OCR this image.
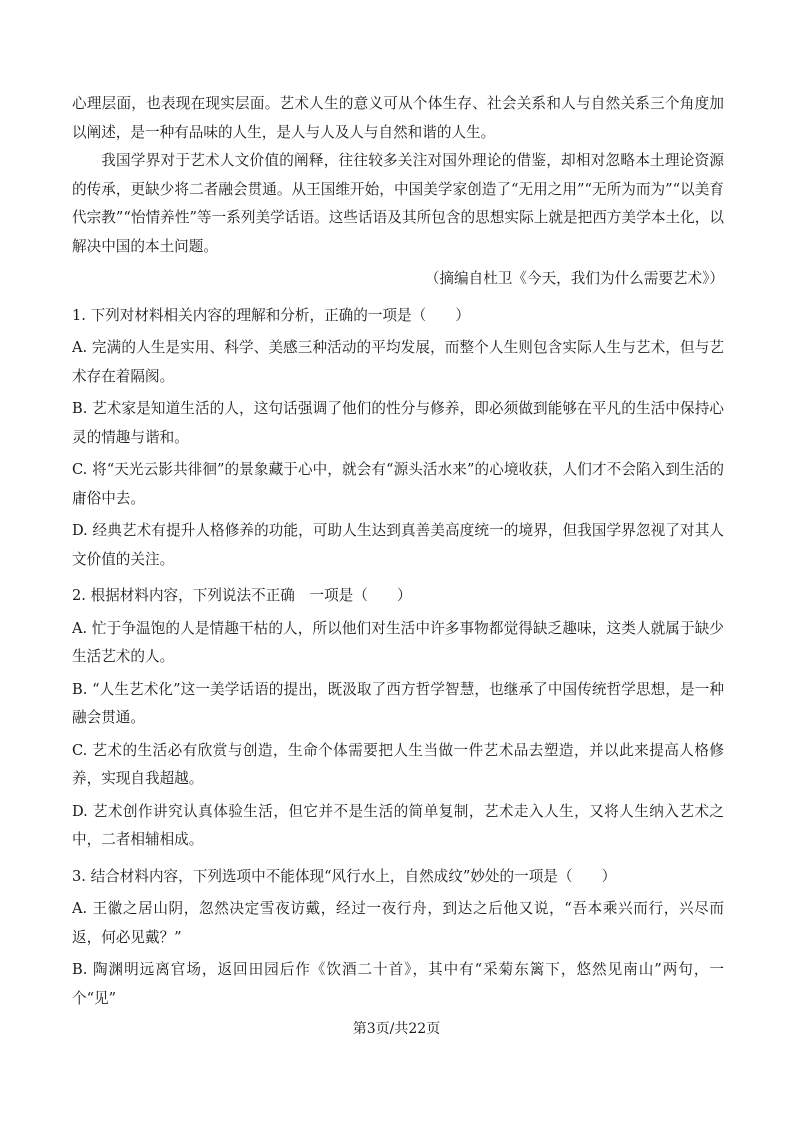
心理层面，也表现在现实层面。艺术人生的意义可从个体生存、社会关系和人与自然关系三个角度加以阐述，是一种有品味的人生，是人与人及人与自然和谐的人生。

我国学界对于艺术人文价值的阐释，往往较多关注对国外理论的借鉴，却相对忽略本土理论资源的传承，更缺少将二者融会贯通。从王国维开始，中国美学家创造了“无用之用”“无所为而为”“以美育代宗教”“怡情养性”等一系列美学话语。这些话语及其所包含的思想实际上就是把西方美学本土化，以解决中国的本土问题。

（摘编自杜卫《今天，我们为什么需要艺术》）

1. 下列对材料相关内容的理解和分析，正确的一项是（　　）

A. 完满的人生是实用、科学、美感三种活动的平均发展，而整个人生则包含实际人生与艺术，但与艺术存在着隔阂。

B. 艺术家是知道生活的人，这句话强调了他们的性分与修养，即必须做到能够在平凡的生活中保持心灵的情趣与谐和。

C. 将“天光云影共徘徊”的景象藏于心中，就会有“源头活水来”的心境收获，人们才不会陷入到生活的庸俗中去。

D. 经典艺术有提升人格修养的功能，可助人生达到真善美高度统一的境界，但我国学界忽视了对其人文价值的关注。

2. 根据材料内容，下列说法不正确　一项是（　　）

A. 忙于争温饱的人是情趣干枯的人，所以他们对生活中许多事物都觉得缺乏趣味，这类人就属于缺少生活艺术的人。

B. “人生艺术化”这一美学话语的提出，既汲取了西方哲学智慧，也继承了中国传统哲学思想，是一种融会贯通。

C. 艺术的生活必有欣赏与创造，生命个体需要把人生当做一件艺术品去塑造，并以此来提高人格修养，实现自我超越。

D. 艺术创作讲究认真体验生活，但它并不是生活的简单复制，艺术走入人生，又将人生纳入艺术之中，二者相辅相成。

3. 结合材料内容，下列选项中不能体现“风行水上，自然成纹”妙处的一项是（　　）

A. 王徽之居山阴，忽然决定雪夜访戴，经过一夜行舟，到达之后他又说，“吾本乘兴而行，兴尽而返，何必见戴？”

B. 陶渊明远离官场，返回田园后作《饮酒二十首》，其中有“采菊东篱下，悠然见南山”两句，一个“见”

第3页/共22页
